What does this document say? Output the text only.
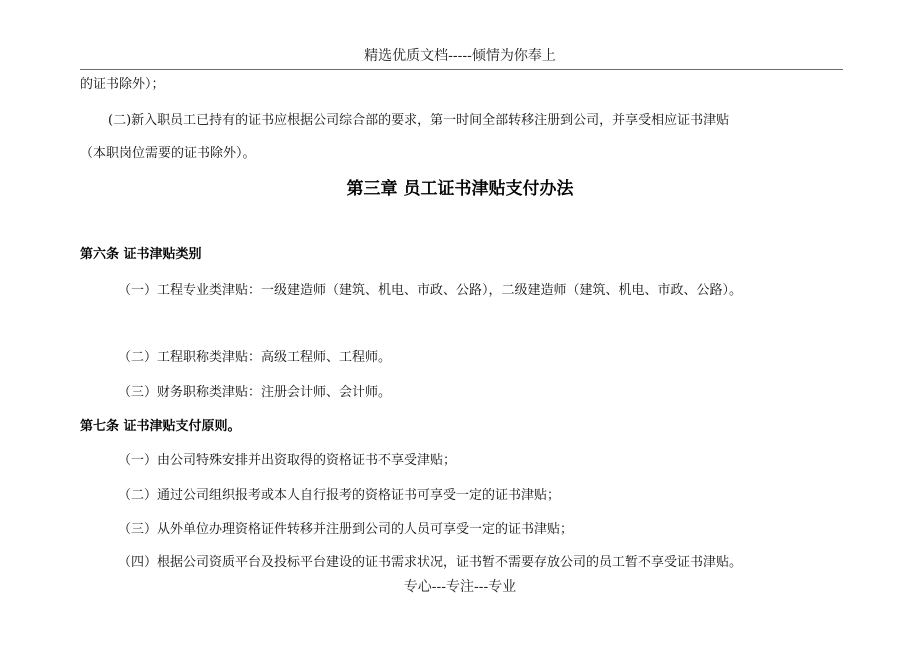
精选优质文档-----倾情为你奉上
的证书除外）；
(二)新入职员工已持有的证书应根据公司综合部的要求，第一时间全部转移注册到公司，并享受相应证书津贴
（本职岗位需要的证书除外）。
第三章 员工证书津贴支付办法
第六条 证书津贴类别
（一）工程专业类津贴：一级建造师（建筑、机电、市政、公路），二级建造师（建筑、机电、市政、公路）。
（二）工程职称类津贴：高级工程师、工程师。
（三）财务职称类津贴：注册会计师、会计师。
第七条 证书津贴支付原则。
（一）由公司特殊安排并出资取得的资格证书不享受津贴；
（二）通过公司组织报考或本人自行报考的资格证书可享受一定的证书津贴；
（三）从外单位办理资格证件转移并注册到公司的人员可享受一定的证书津贴；
（四）根据公司资质平台及投标平台建设的证书需求状况，证书暂不需要存放公司的员工暂不享受证书津贴。
专心---专注---专业
